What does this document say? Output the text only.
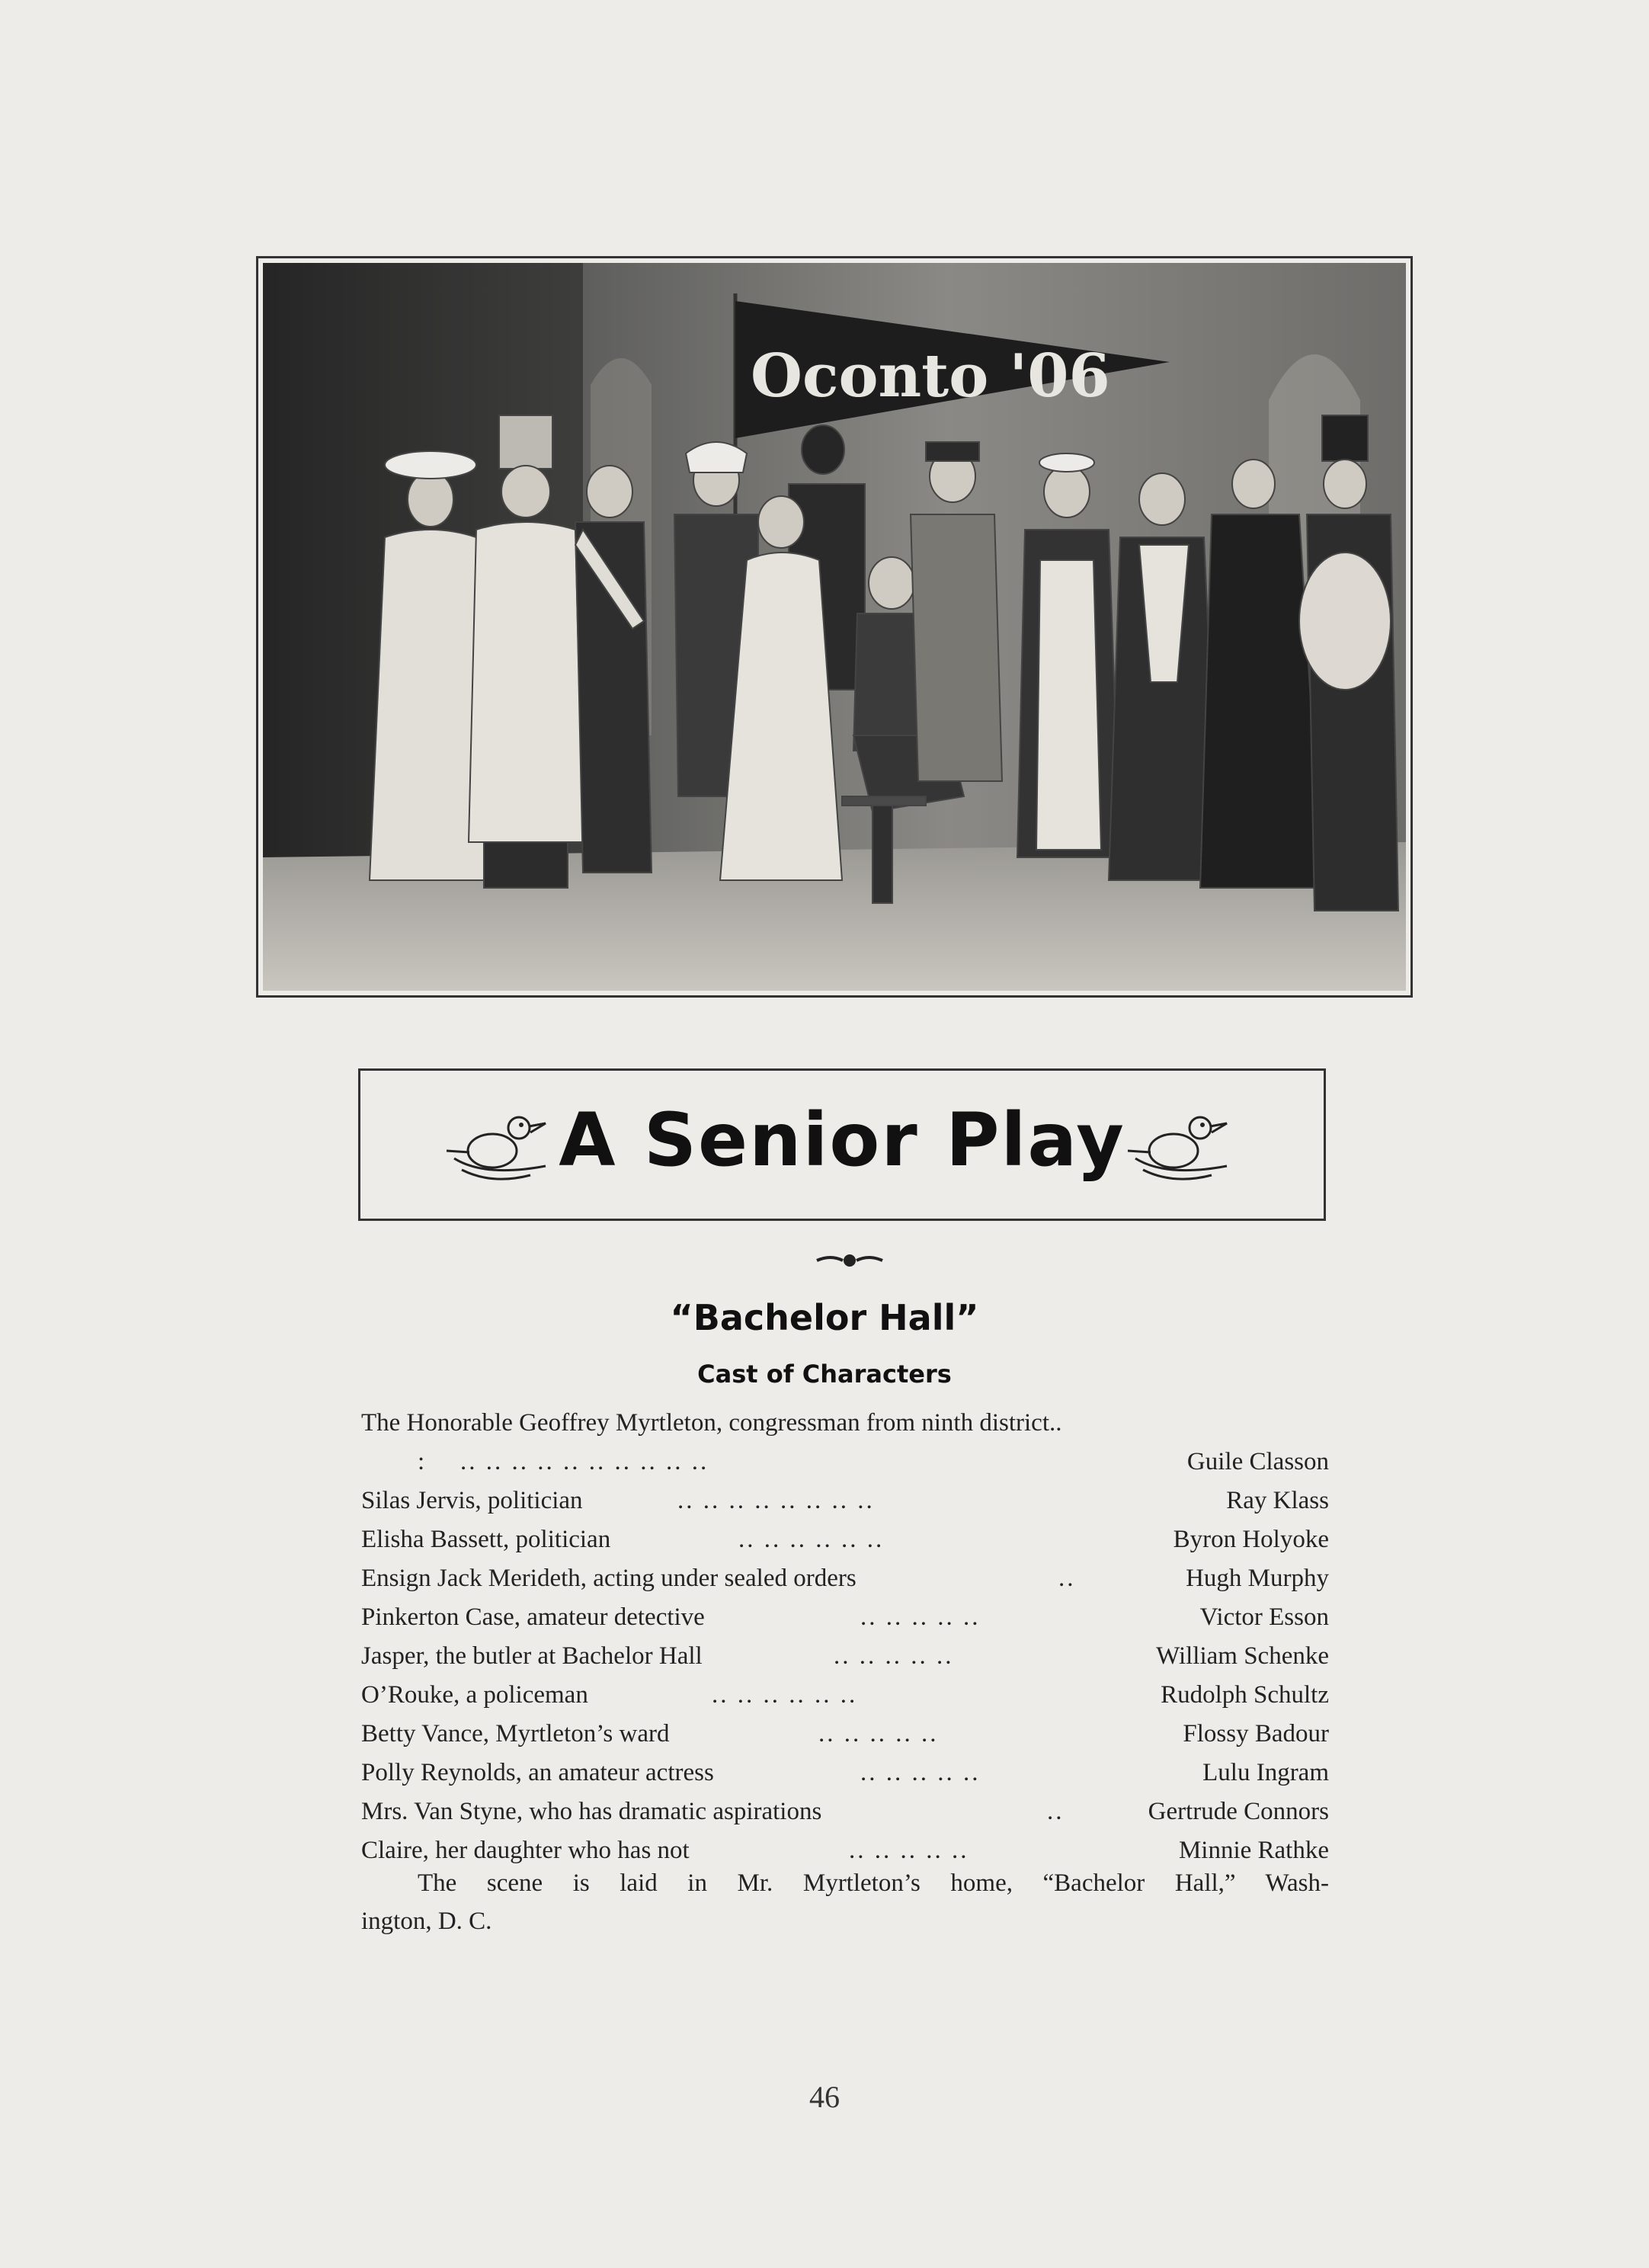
Oconto '06
A Senior Play
“Bachelor Hall”
Cast of Characters
The Honorable Geoffrey Myrtleton, congressman from ninth district..
: .. .. .. .. .. .. .. .. .. ..	Guile Classon
Silas Jervis, politician	.. .. .. .. .. .. .. ..	Ray Klass
Elisha Bassett, politician	.. .. .. .. .. ..	Byron Holyoke
Ensign Jack Merideth, acting under sealed orders	..	Hugh Murphy
Pinkerton Case, amateur detective	.. .. .. .. ..	Victor Esson
Jasper, the butler at Bachelor Hall	.. .. .. .. ..	William Schenke
O’Rouke, a policeman	.. .. .. .. .. ..	Rudolph Schultz
Betty Vance, Myrtleton’s ward	.. .. .. .. ..	Flossy Badour
Polly Reynolds, an amateur actress	.. .. .. .. ..	Lulu Ingram
Mrs. Van Styne, who has dramatic aspirations	..	Gertrude Connors
Claire, her daughter who has not	.. .. .. .. ..	Minnie Rathke
The scene is laid in Mr. Myrtleton’s home, “Bachelor Hall,” Wash-
ington, D. C.
46
